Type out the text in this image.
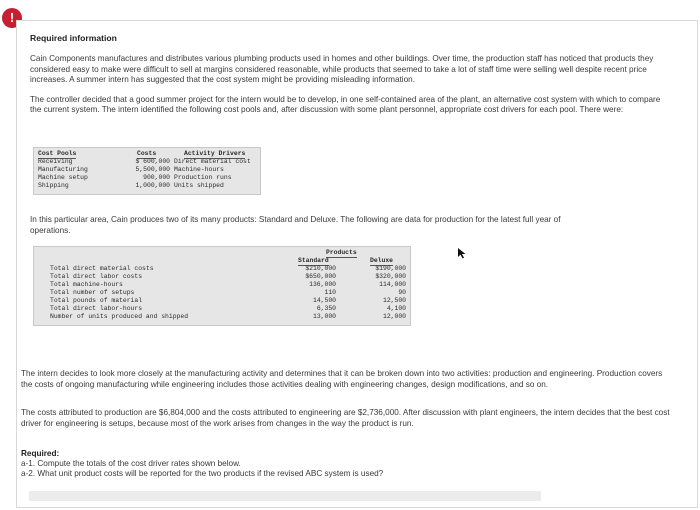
!
Required information

Cain Components manufactures and distributes various plumbing products used in homes and other buildings. Over time, the production staff has noticed that products they considered easy to make were difficult to sell at margins considered reasonable, while products that seemed to take a lot of staff time were selling well despite recent price increases. A summer intern has suggested that the cost system might be providing misleading information.

The controller decided that a good summer project for the intern would be to develop, in one self-contained area of the plant, an alternative cost system with which to compare the current system. The intern identified the following cost pools and, after discussion with some plant personnel, appropriate cost drivers for each pool. There were:

Cost Pools	Costs	Activity Drivers
Receiving	$ 600,000 Direct material cost
Manufacturing	5,500,000 Machine-hours
Machine setup	900,000 Production runs
Shipping	1,000,000 Units shipped

In this particular area, Cain produces two of its many products: Standard and Deluxe. The following are data for production for the latest full year of operations.

Products
Standard	Deluxe
Total direct material costs	$210,000	$190,000
Total direct labor costs	$650,000	$320,000
Total machine-hours	136,000	114,000
Total number of setups	110	90
Total pounds of material	14,500	12,500
Total direct labor-hours	6,350	4,100
Number of units produced and shipped	13,000	12,000

The intern decides to look more closely at the manufacturing activity and determines that it can be broken down into two activities: production and engineering. Production covers the costs of ongoing manufacturing while engineering includes those activities dealing with engineering changes, design modifications, and so on.

The costs attributed to production are $6,804,000 and the costs attributed to engineering are $2,736,000. After discussion with plant engineers, the intern decides that the best cost driver for engineering is setups, because most of the work arises from changes in the way the product is run.

Required:

a-1. Compute the totals of the cost driver rates shown below.

a-2. What unit product costs will be reported for the two products if the revised ABC system is used?
